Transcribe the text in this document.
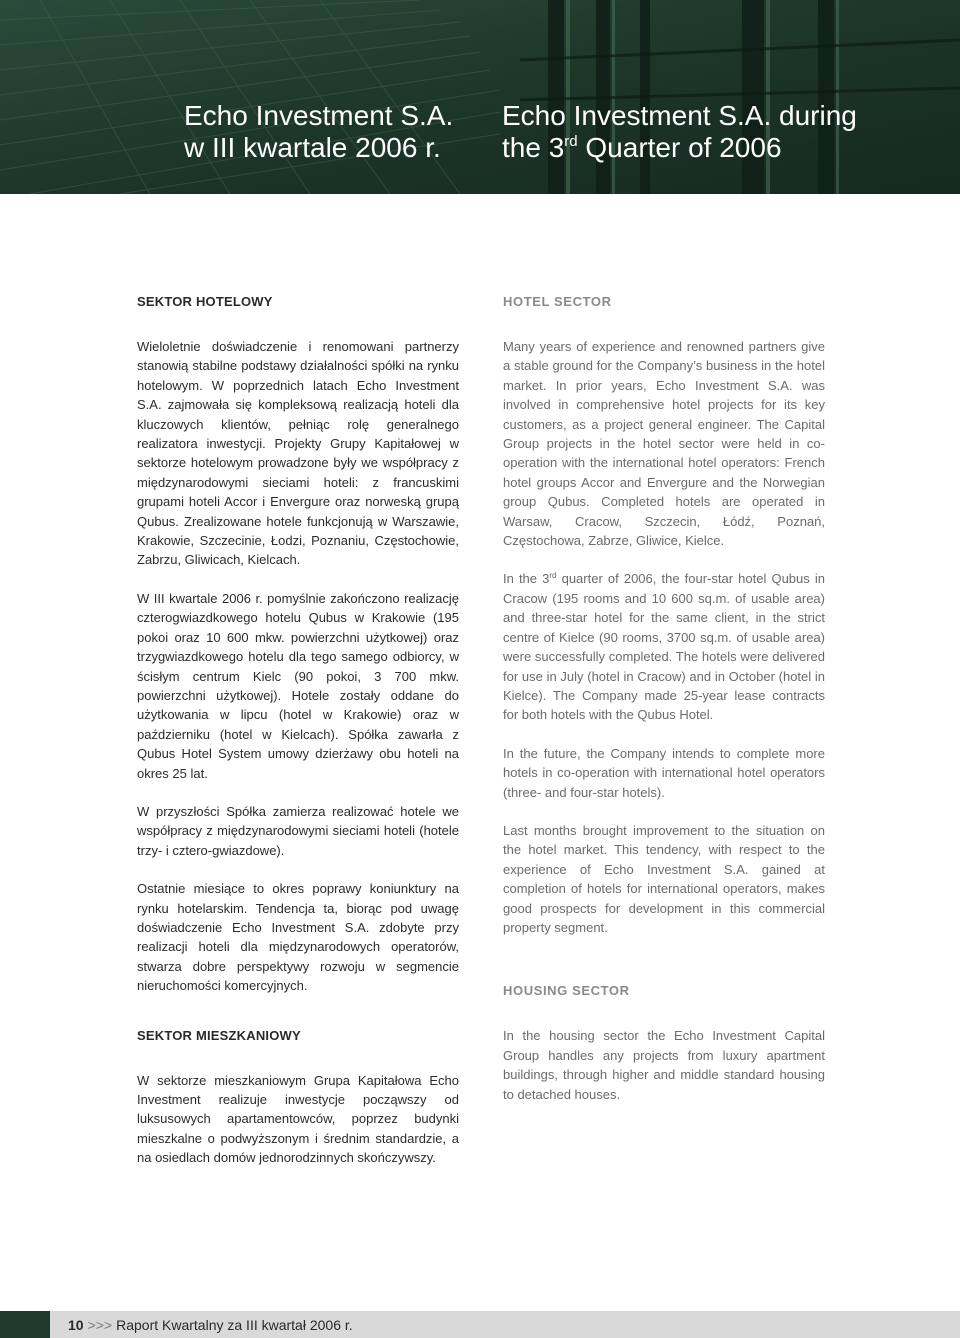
Echo Investment S.A.
w III kwartale 2006 r.
Echo Investment S.A. during
the 3rd Quarter of 2006
SEKTOR HOTELOWY

Wieloletnie doświadczenie i renomowani partnerzy stanowią stabilne podstawy działalności spółki na rynku hotelowym. W poprzednich latach Echo Investment S.A. zajmowała się kompleksową realizacją hoteli dla kluczowych klientów, pełniąc rolę generalnego realizatora inwestycji. Projekty Grupy Kapitałowej w sektorze hotelowym prowadzone były we współpracy z międzynarodowymi sieciami hoteli: z francuskimi grupami hoteli Accor i Envergure oraz norweską grupą Qubus. Zrealizowane hotele funkcjonują w Warszawie, Krakowie, Szczecinie, Łodzi, Poznaniu, Częstochowie, Zabrzu, Gliwicach, Kielcach.

W III kwartale 2006 r. pomyślnie zakończono realizację czterogwiazdkowego hotelu Qubus w Krakowie (195 pokoi oraz 10 600 mkw. powierzchni użytkowej) oraz trzygwiazdkowego hotelu dla tego samego odbiorcy, w ścisłym centrum Kielc (90 pokoi, 3 700 mkw. powierzchni użytkowej). Hotele zostały oddane do użytkowania w lipcu (hotel w Krakowie) oraz w październiku (hotel w Kielcach). Spółka zawarła z Qubus Hotel System umowy dzierżawy obu hoteli na okres 25 lat.

W przyszłości Spółka zamierza realizować hotele we współpracy z międzynarodowymi sieciami hoteli (hotele trzy- i cztero-gwiazdowe).

Ostatnie miesiące to okres poprawy koniunktury na rynku hotelarskim. Tendencja ta, biorąc pod uwagę doświadczenie Echo Investment S.A. zdobyte przy realizacji hoteli dla międzynarodowych operatorów, stwarza dobre perspektywy rozwoju w segmencie nieruchomości komercyjnych.

SEKTOR MIESZKANIOWY

W sektorze mieszkaniowym Grupa Kapitałowa Echo Investment realizuje inwestycje począwszy od luksusowych apartamentowców, poprzez budynki mieszkalne o podwyższonym i średnim standardzie, a na osiedlach domów jednorodzinnych skończywszy.

HOTEL SECTOR

Many years of experience and renowned partners give a stable ground for the Company’s business in the hotel market. In prior years, Echo Investment S.A. was involved in comprehensive hotel projects for its key customers, as a project general engineer. The Capital Group projects in the hotel sector were held in co-operation with the international hotel operators: French hotel groups Accor and Envergure and the Norwegian group Qubus. Completed hotels are operated in Warsaw, Cracow, Szczecin, Łódź, Poznań, Częstochowa, Zabrze, Gliwice, Kielce.

In the 3rd quarter of 2006, the four-star hotel Qubus in Cracow (195 rooms and 10 600 sq.m. of usable area) and three-star hotel for the same client, in the strict centre of Kielce (90 rooms, 3700 sq.m. of usable area) were successfully completed. The hotels were delivered for use in July (hotel in Cracow) and in October (hotel in Kielce). The Company made 25-year lease contracts for both hotels with the Qubus Hotel.

In the future, the Company intends to complete more hotels in co-operation with international hotel operators (three- and four-star hotels).

Last months brought improvement to the situation on the hotel market. This tendency, with respect to the experience of Echo Investment S.A. gained at completion of hotels for international operators, makes good prospects for development in this commercial property segment.

HOUSING SECTOR

In the housing sector the Echo Investment Capital Group handles any projects from luxury apartment buildings, through higher and middle standard housing to detached houses.

10 >>> Raport Kwartalny za III kwartał 2006 r.
